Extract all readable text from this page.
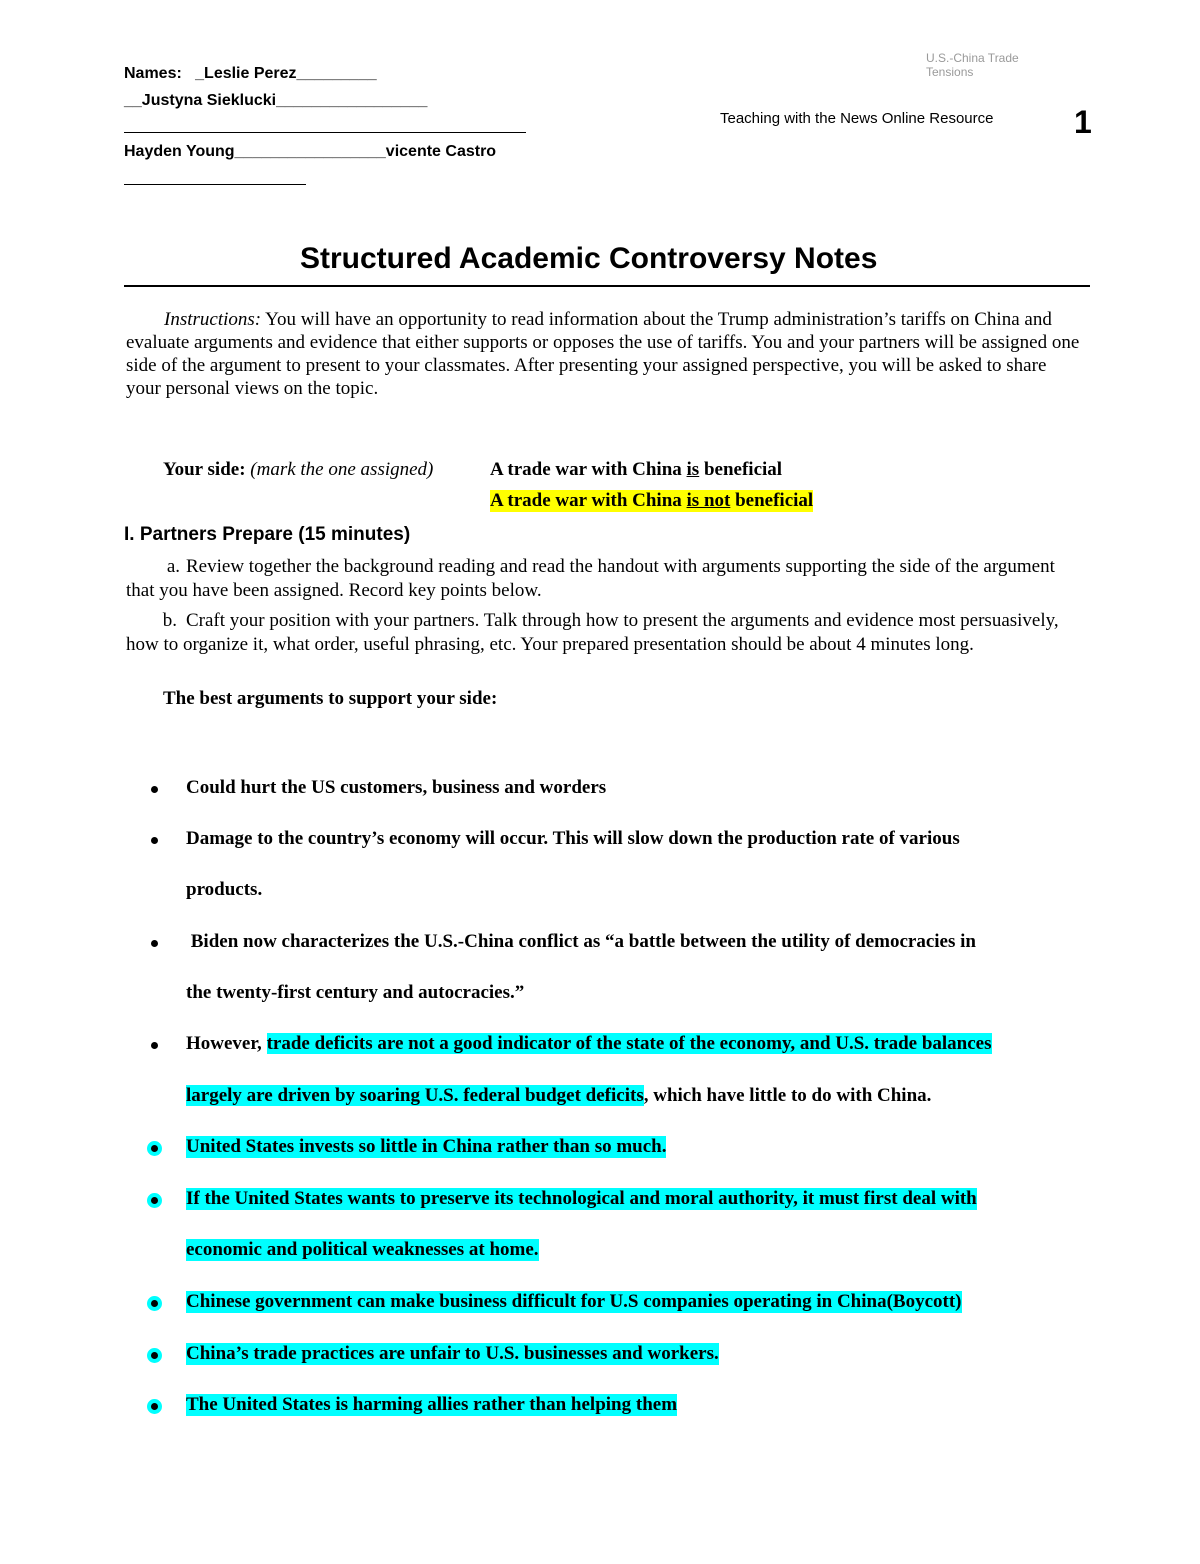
Names:   _Leslie Perez_________
__Justyna Sieklucki_________________
Hayden Young_________________vicente Castro
U.S.-China Trade
Tensions
Teaching with the News Online Resource	1
Structured Academic Controversy Notes
Instructions: You will have an opportunity to read information about the Trump administration’s tariffs on China and evaluate arguments and evidence that either supports or opposes the use of tariffs. You and your partners will be assigned one side of the argument to present to your classmates. After presenting your assigned perspective, you will be asked to share your personal views on the topic.
Your side: (mark the one assigned)	A trade war with China is beneficial
A trade war with China is not beneficial
I. Partners Prepare (15 minutes)
a. Review together the background reading and read the handout with arguments supporting the side of the argument that you have been assigned. Record key points below.
b. Craft your position with your partners. Talk through how to present the arguments and evidence most persuasively, how to organize it, what order, useful phrasing, etc. Your prepared presentation should be about 4 minutes long.
The best arguments to support your side:
Could hurt the US customers, business and worders
Damage to the country’s economy will occur. This will slow down the production rate of various
products.
Biden now characterizes the U.S.-China conflict as “a battle between the utility of democracies in
the twenty-first century and autocracies.”
However, trade deficits are not a good indicator of the state of the economy, and U.S. trade balances
largely are driven by soaring U.S. federal budget deficits, which have little to do with China.
United States invests so little in China rather than so much.
If the United States wants to preserve its technological and moral authority, it must first deal with
economic and political weaknesses at home.
Chinese government can make business difficult for U.S companies operating in China(Boycott)
China’s trade practices are unfair to U.S. businesses and workers.
The United States is harming allies rather than helping them
